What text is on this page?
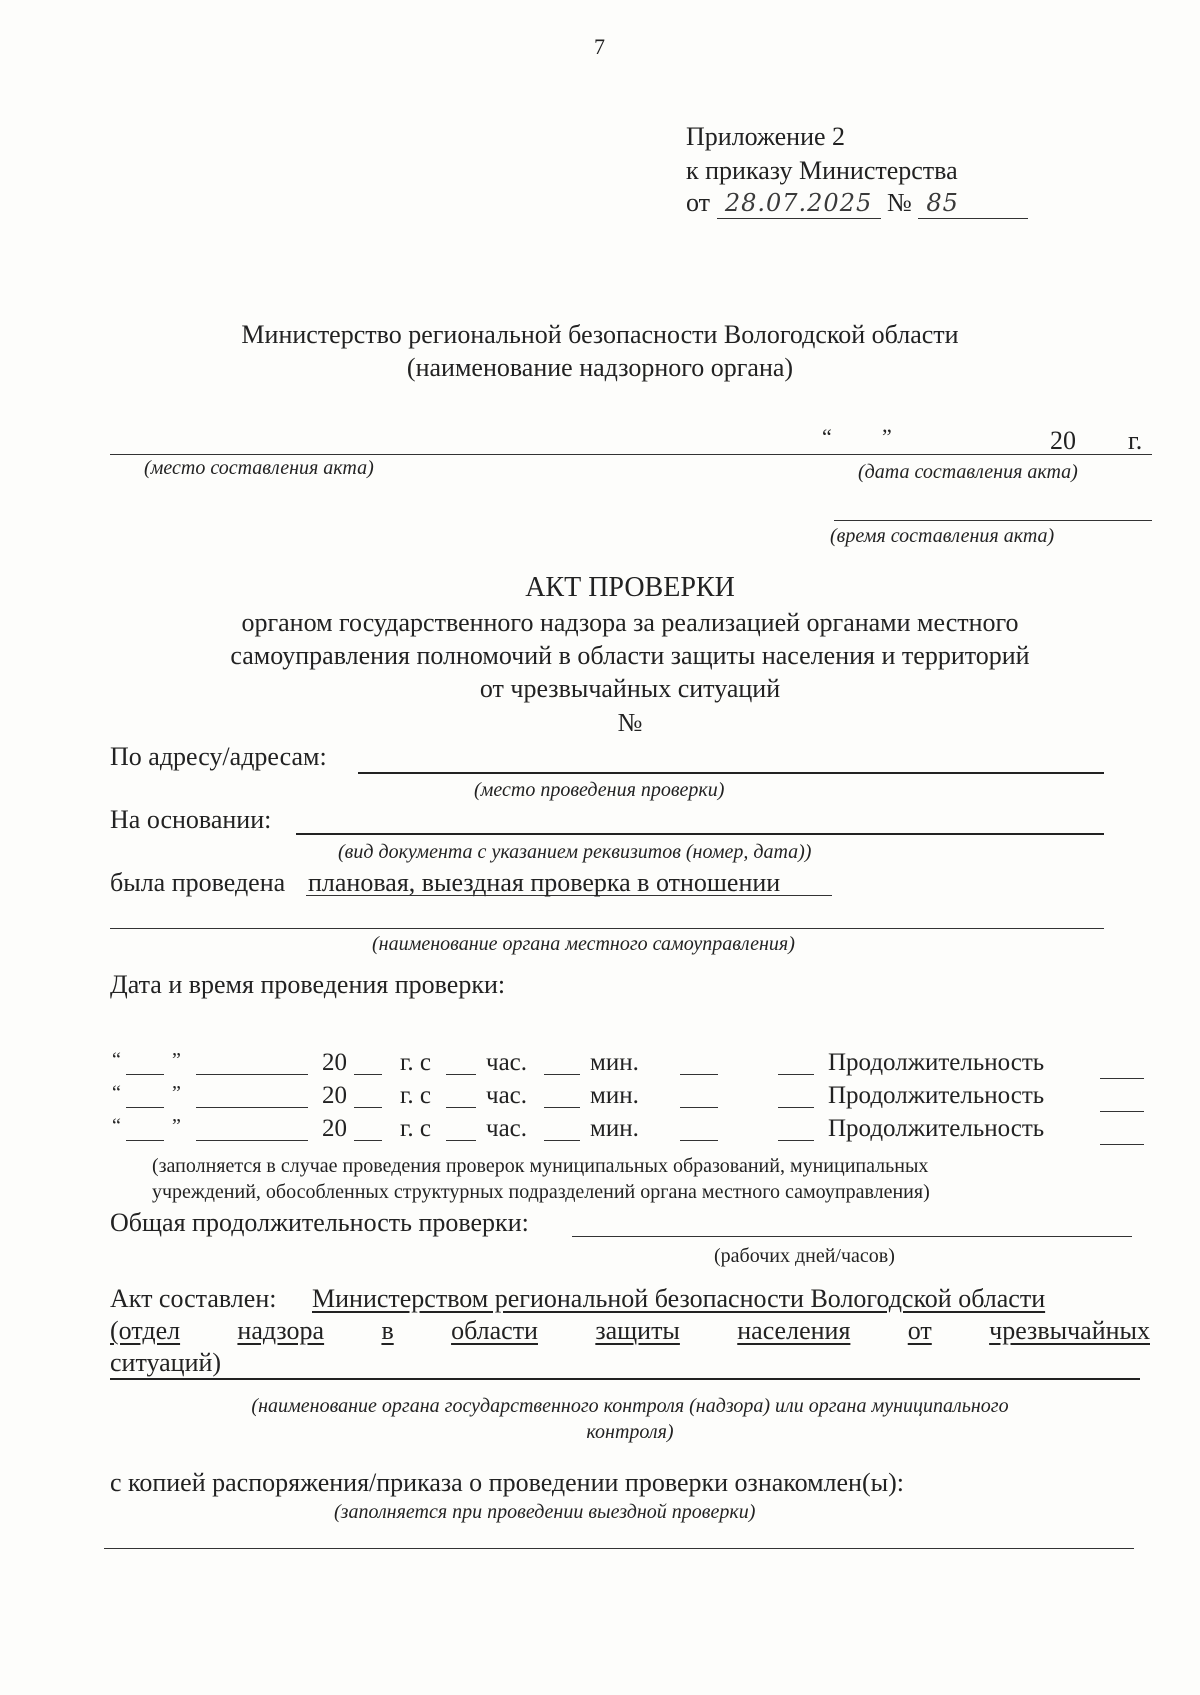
7
Приложение 2
к приказу Министерства
от 28.07.2025 № 85
Министерство региональной безопасности Вологодской области
(наименование надзорного органа)
“ ”	20 г.
(место составления акта)	(дата составления акта)
(время составления акта)
АКТ ПРОВЕРКИ
органом государственного надзора за реализацией органами местного
самоуправления полномочий в области защиты населения и территорий
от чрезвычайных ситуаций
№
По адресу/адресам:
(место проведения проверки)
На основании:
(вид документа с указанием реквизитов (номер, дата))
была проведена плановая, выездная проверка в отношении
(наименование органа местного самоуправления)
Дата и время проведения проверки:
“	”	20 г. с час.	мин.	Продолжительность
“	”	20 г. с час.	мин.	Продолжительность
“	”	20 г. с час.	мин.	Продолжительность
(заполняется в случае проведения проверок муниципальных образований, муниципальных
учреждений, обособленных структурных подразделений органа местного самоуправления)
Общая продолжительность проверки:
(рабочих дней/часов)
Акт составлен: Министерством региональной безопасности Вологодской области
(отдел надзора в области защиты населения от чрезвычайных
ситуаций)
(наименование органа государственного контроля (надзора) или органа муниципального
контроля)
с копией распоряжения/приказа о проведении проверки ознакомлен(ы):
(заполняется при проведении выездной проверки)
